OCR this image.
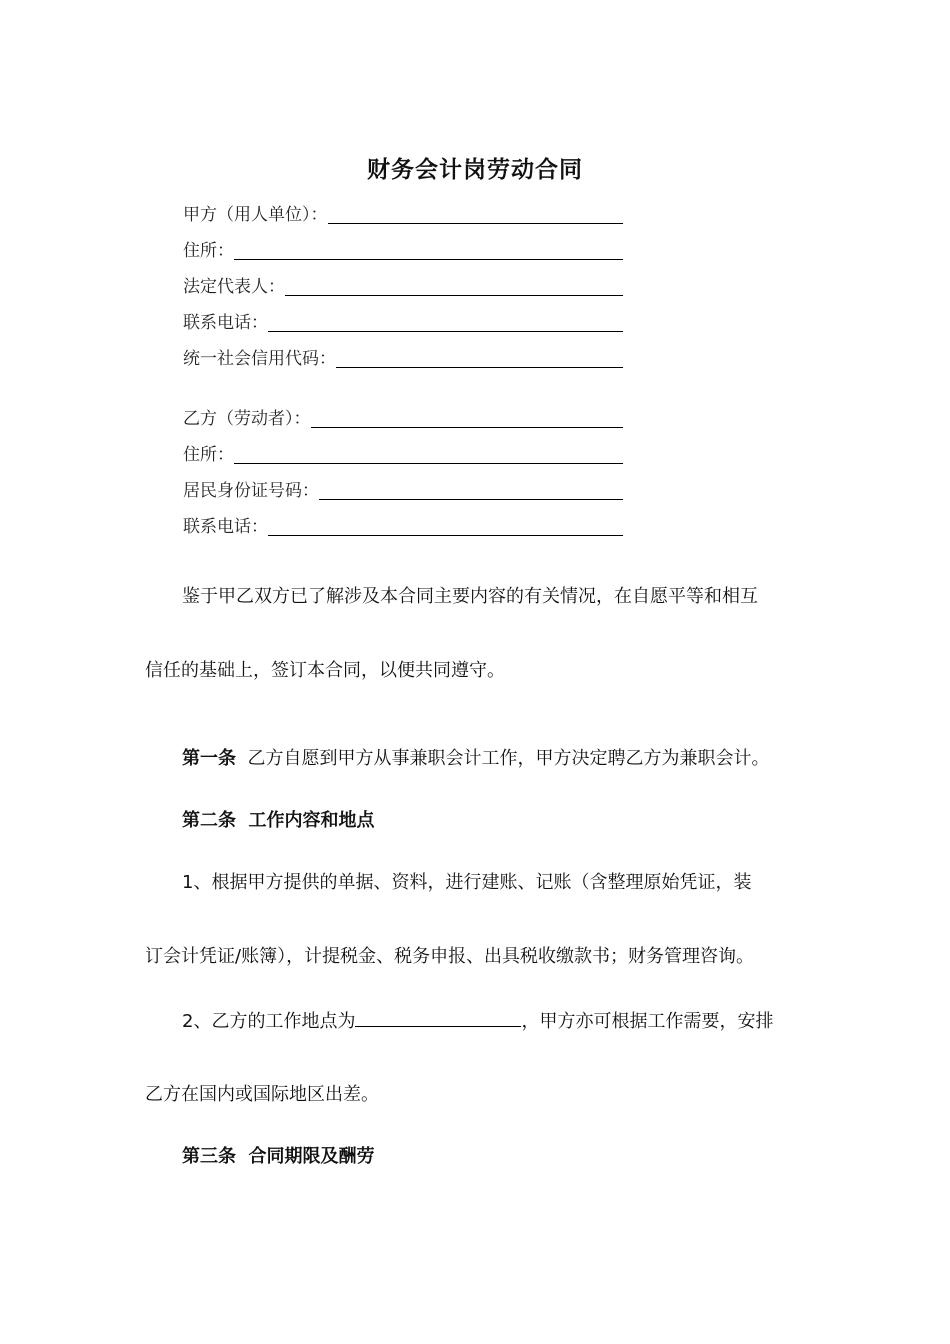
财务会计岗劳动合同
甲方（用人单位）：
住所：
法定代表人：
联系电话：
统一社会信用代码：
乙方（劳动者）：
住所：
居民身份证号码：
联系电话：
鉴于甲乙双方已了解涉及本合同主要内容的有关情况，在自愿平等和相互
信任的基础上，签订本合同，以便共同遵守。
第一条 乙方自愿到甲方从事兼职会计工作，甲方决定聘乙方为兼职会计。
第二条 工作内容和地点
1、根据甲方提供的单据、资料，进行建账、记账（含整理原始凭证，装
订会计凭证/账簿），计提税金、税务申报、出具税收缴款书；财务管理咨询。
2、乙方的工作地点为	，甲方亦可根据工作需要，安排
乙方在国内或国际地区出差。
第三条 合同期限及酬劳
